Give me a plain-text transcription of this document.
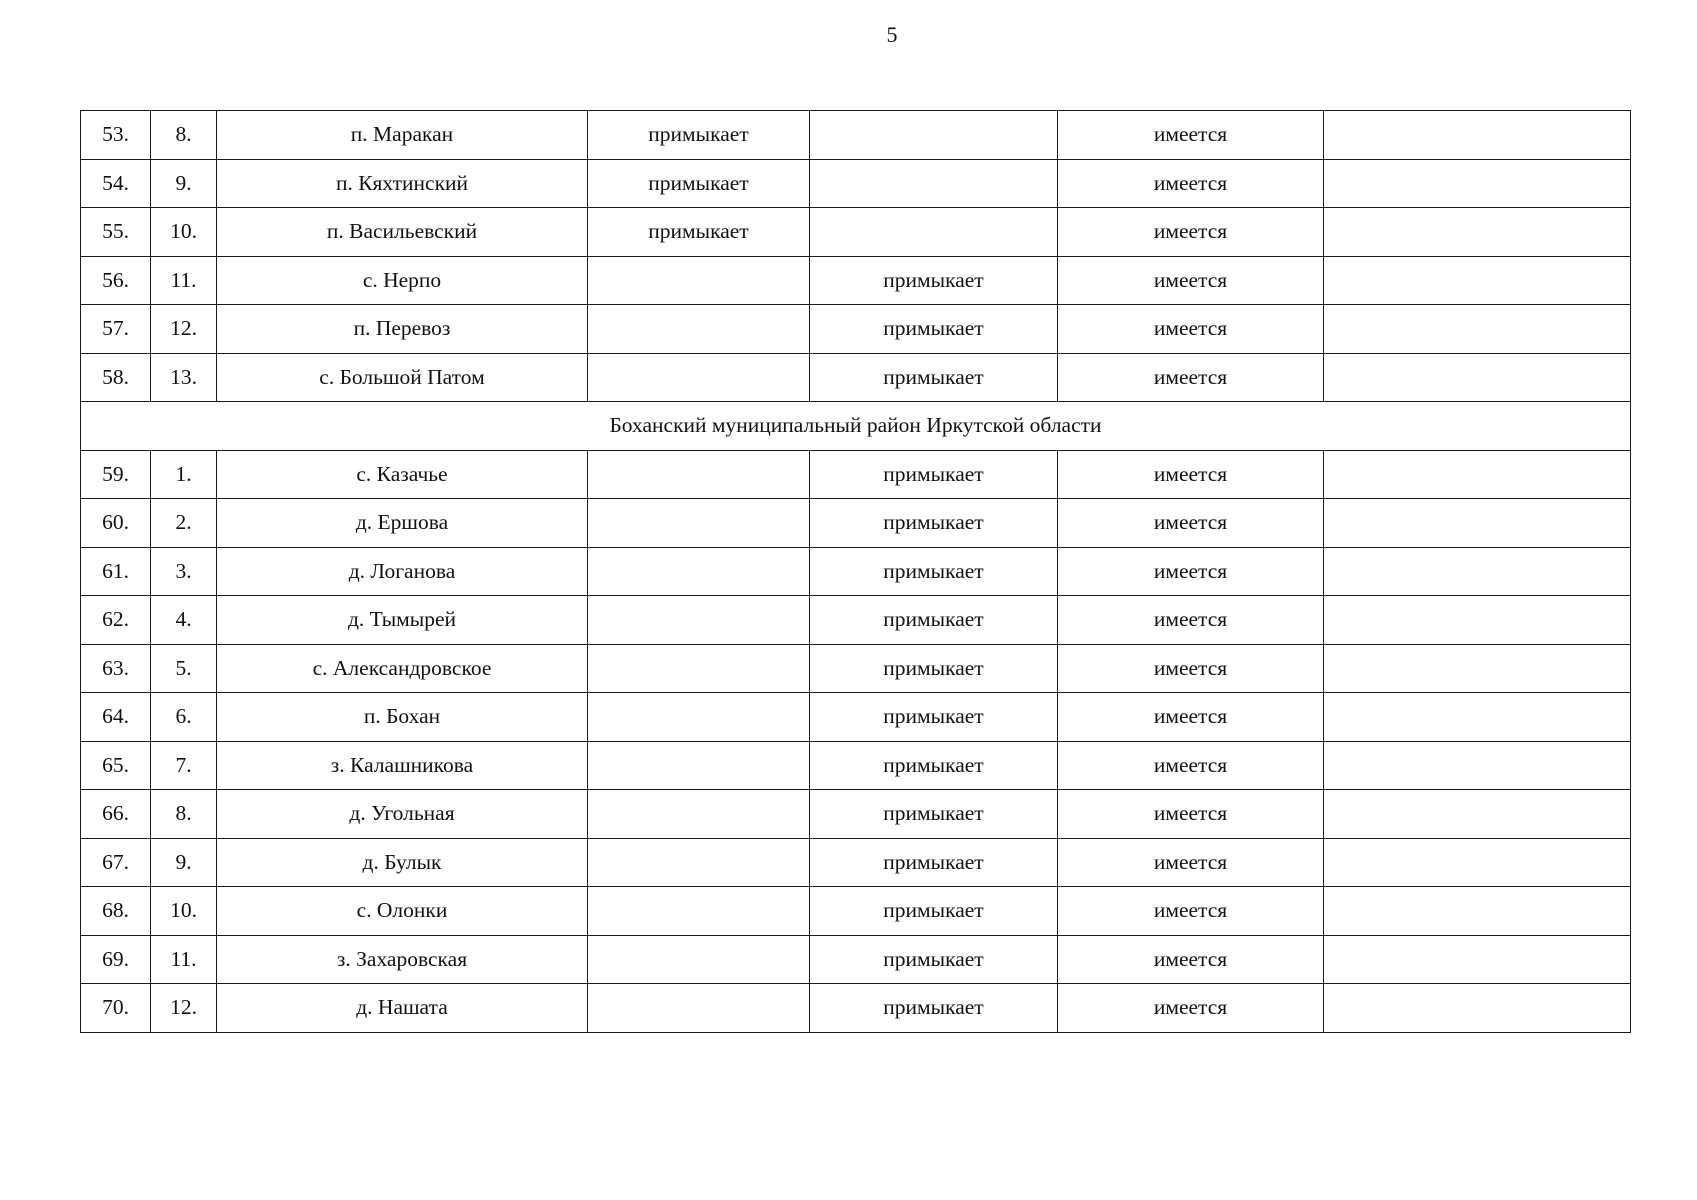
5
53.	8.	п. Маракан	примыкает		имеется	
54.	9.	п. Кяхтинский	примыкает		имеется	
55.	10.	п. Васильевский	примыкает		имеется	
56.	11.	с. Нерпо		примыкает	имеется	
57.	12.	п. Перевоз		примыкает	имеется	
58.	13.	с. Большой Патом		примыкает	имеется	
Боханский муниципальный район Иркутской области						
59.	1.	с. Казачье		примыкает	имеется	
60.	2.	д. Ершова		примыкает	имеется	
61.	3.	д. Логанова		примыкает	имеется	
62.	4.	д. Тымырей		примыкает	имеется	
63.	5.	с. Александровское		примыкает	имеется	
64.	6.	п. Бохан		примыкает	имеется	
65.	7.	з. Калашникова		примыкает	имеется	
66.	8.	д. Угольная		примыкает	имеется	
67.	9.	д. Булык		примыкает	имеется	
68.	10.	с. Олонки		примыкает	имеется	
69.	11.	з. Захаровская		примыкает	имеется	
70.	12.	д. Нашата		примыкает	имеется	
